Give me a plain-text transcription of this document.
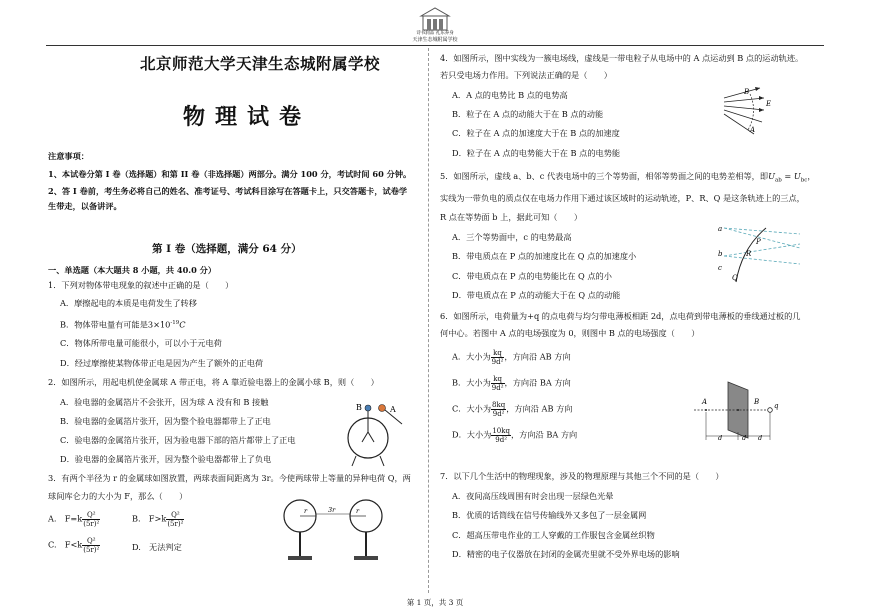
诗书润品 礼乐养身
天津生态城附属学校
北京师范大学天津生态城附属学校
物理试卷
注意事项：
1、本试卷分第 I 卷（选择题）和第 II 卷（非选择题）两部分。满分 100 分，考试时间 60 分钟。
2、答 I 卷前，考生务必将自己的姓名、准考证号、考试科目涂写在答题卡上，只交答题卡，试卷学
生带走，以备讲评。
第 I 卷（选择题，满分 64 分）
一、单选题（本大题共 8 小题，共 40.0 分）
1．下列对物体带电现象的叙述中正确的是（　　）
A．摩擦起电的本质是电荷发生了转移
B．物体带电量有可能是$3\times 10^{-19}C$
C．物体所带电量可能很小，可以小于元电荷
D．经过摩擦使某物体带正电是因为产生了额外的正电荷
2．如图所示，用起电机使金属球 A 带正电，将 A 靠近验电器上的金属小球 B，则（　　）
A．验电器的金属箔片不会张开，因为球 A 没有和 B 接触
B．验电器的金属箔片张开，因为整个验电器都带上了正电
C．验电器的金属箔片张开，因为验电器下部的箔片都带上了正电
D．验电器的金属箔片张开，因为整个验电器都带上了负电
B	A
3．有两个半径为 r 的金属球如图放置，两球表面间距离为 3r。今使两球带上等量的异种电荷 Q，两
球间库仑力的大小为 F，那么（　　）
A.　$F=k \frac{\text{Q²}}{\text{(5r)²}}$	B.　$F>k \frac{\text{Q²}}{\text{(5r)²}}$
C.　$F<k \frac{\text{Q²}}{\text{(5r)²}}$	D.　无法判定
r	3r	r
4．如图所示，图中实线为一簇电场线，虚线是一带电粒子从电场中的 A 点运动到 B 点的运动轨迹。
若只受电场力作用。下列说法正确的是（　　）
A．A 点的电势比 B 点的电势高
B．粒子在 A 点的动能大于在 B 点的动能
C．粒子在 A 点的加速度大于在 B 点的加速度
D．粒子在 A 点的电势能大于在 B 点的电势能
B
E
A
5．如图所示，虚线 a、b、c 代表电场中的三个等势面，相邻等势面之间的电势差相等，即$U_{ab} = U_{bc}$，
实线为一带负电的质点仅在电场力作用下通过该区域时的运动轨迹，P、R、Q 是这条轨迹上的三点，
R 点在等势面 b 上，据此可知（　　）
A．三个等势面中，c 的电势最高
B．带电质点在 P 点的加速度比在 Q 点的加速度小
C．带电质点在 P 点的电势能比在 Q 点的小
D．带电质点在 P 点的动能大于在 Q 点的动能
a
b
c
P
R
Q
6．如图所示，电荷量为+q 的点电荷与均匀带电薄板相距 2d，点电荷到带电薄板的垂线通过板的几
何中心。若图中 A 点的电场强度为 0，则图中 B 点的电场强度（　　）
A．大小为 $\frac{kq}{\text{9d²}}$ ，方向沿 AB 方向
B．大小为 $\frac{kq}{\text{9d²}}$ ，方向沿 BA 方向
C．大小为 $\frac{8kq}{\text{9d²}}$ ，方向沿 AB 方向
D．大小为 $\frac{10kq}{\text{9d²}}$ ，方向沿 BA 方向
A	B q
d	d d
7．以下几个生活中的物理现象，涉及的物理原理与其他三个不同的是（　　）
A．夜间高压线周围有时会出现一层绿色光晕
B．优质的话筒线在信号传输线外又多包了一层金属网
C．超高压带电作业的工人穿戴的工作服包含金属丝织物
D．精密的电子仪器放在封闭的金属壳里就不受外界电场的影响
第 1 页，共 3 页
